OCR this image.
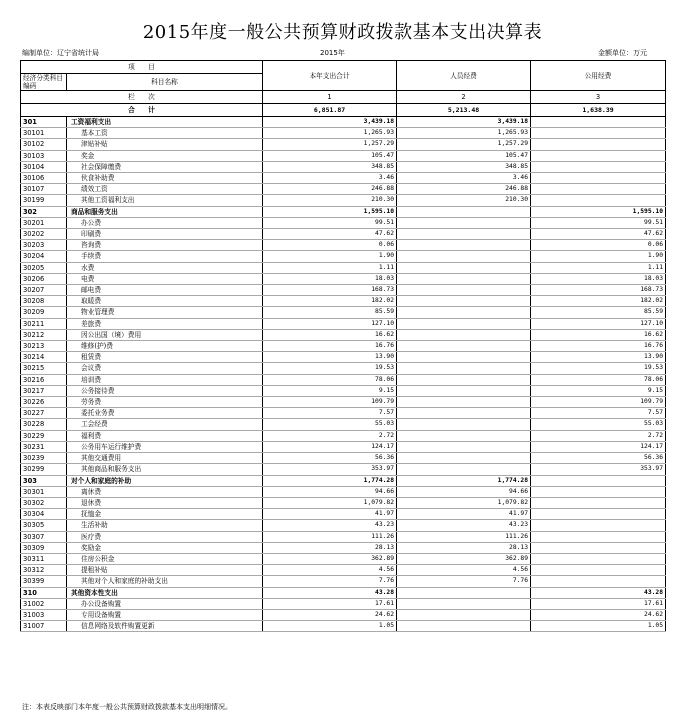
2015年度一般公共预算财政拨款基本支出决算表
编制单位：辽宁省统计局	2015年	金额单位：万元
项　　目		本年支出合计	人员经费	公用经费
经济分类科目编码	科目名称			
栏　　次		1	2	3
合　　计		6,851.87	5,213.48	1,638.39
301	工资福利支出	3,439.18	3,439.18	
30101	基本工资	1,265.93	1,265.93	
30102	津贴补贴	1,257.29	1,257.29	
30103	奖金	105.47	105.47	
30104	社会保障缴费	348.85	348.85	
30106	伙食补助费	3.46	3.46	
30107	绩效工资	246.88	246.88	
30199	其他工资福利支出	210.30	210.30	
302	商品和服务支出	1,595.10		1,595.10
30201	办公费	99.51		99.51
30202	印刷费	47.62		47.62
30203	咨询费	0.06		0.06
30204	手续费	1.90		1.90
30205	水费	1.11		1.11
30206	电费	18.03		18.03
30207	邮电费	168.73		168.73
30208	取暖费	182.02		182.02
30209	物业管理费	85.59		85.59
30211	差旅费	127.10		127.10
30212	因公出国（境）费用	16.62		16.62
30213	维修(护)费	16.76		16.76
30214	租赁费	13.90		13.90
30215	会议费	19.53		19.53
30216	培训费	78.06		78.06
30217	公务接待费	9.15		9.15
30226	劳务费	109.79		109.79
30227	委托业务费	7.57		7.57
30228	工会经费	55.03		55.03
30229	福利费	2.72		2.72
30231	公务用车运行维护费	124.17		124.17
30239	其他交通费用	56.36		56.36
30299	其他商品和服务支出	353.97		353.97
303	对个人和家庭的补助	1,774.28	1,774.28	
30301	离休费	94.66	94.66	
30302	退休费	1,079.82	1,079.82	
30304	抚恤金	41.97	41.97	
30305	生活补助	43.23	43.23	
30307	医疗费	111.26	111.26	
30309	奖励金	28.13	28.13	
30311	住房公积金	362.89	362.89	
30312	提租补贴	4.56	4.56	
30399	其他对个人和家庭的补助支出	7.76	7.76	
310	其他资本性支出	43.28		43.28
31002	办公设备购置	17.61		17.61
31003	专用设备购置	24.62		24.62
31007	信息网络及软件购置更新	1.05		1.05
注：本表反映部门本年度一般公共预算财政拨款基本支出明细情况。
